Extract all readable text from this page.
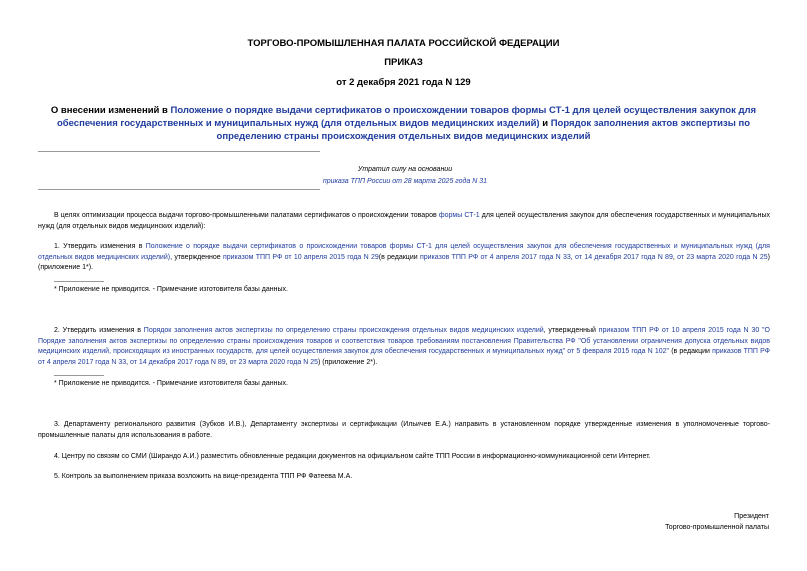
ТОРГОВО-ПРОМЫШЛЕННАЯ ПАЛАТА РОССИЙСКОЙ ФЕДЕРАЦИИ
ПРИКАЗ
от 2 декабря 2021 года N 129
О внесении изменений в Положение о порядке выдачи сертификатов о происхождении товаров формы СТ-1 для целей осуществления закупок для обеспечения государственных и муниципальных нужд (для отдельных видов медицинских изделий) и Порядок заполнения актов экспертизы по определению страны происхождения отдельных видов медицинских изделий
Утратил силу на основании
приказа ТПП России от 28 марта 2025 года N 31
В целях оптимизации процесса выдачи торгово-промышленными палатами сертификатов о происхождении товаров формы СТ-1 для целей осуществления закупок для обеспечения государственных и муниципальных нужд (для отдельных видов медицинских изделий):
1. Утвердить изменения в Положение о порядке выдачи сертификатов о происхождении товаров формы СТ-1 для целей осуществления закупок для обеспечения государственных и муниципальных нужд (для отдельных видов медицинских изделий), утвержденное приказом ТПП РФ от 10 апреля 2015 года N 29(в редакции приказов ТПП РФ от 4 апреля 2017 года N 33, от 14 декабря 2017 года N 89, от 23 марта 2020 года N 25) (приложение 1*).
* Приложение не приводится. - Примечание изготовителя базы данных.
2. Утвердить изменения в Порядок заполнения актов экспертизы по определению страны происхождения отдельных видов медицинских изделий, утвержденный приказом ТПП РФ от 10 апреля 2015 года N 30 "О Порядке заполнения актов экспертизы по определению страны происхождения товаров и соответствия товаров требованиям постановления Правительства РФ "Об установлении ограничения допуска отдельных видов медицинских изделий, происходящих из иностранных государств, для целей осуществления закупок для обеспечения государственных и муниципальных нужд" от 5 февраля 2015 года N 102" (в редакции приказов ТПП РФ от 4 апреля 2017 года N 33, от 14 декабря 2017 года N 89, от 23 марта 2020 года N 25) (приложение 2*).
* Приложение не приводится. - Примечание изготовителя базы данных.
3. Департаменту регионального развития (Зубков И.В.), Департаменту экспертизы и сертификации (Ильичев Е.А.) направить в установленном порядке утвержденные изменения в уполномоченные торгово-промышленные палаты для использования в работе.
4. Центру по связям со СМИ (Ширандо А.И.) разместить обновленные редакции документов на официальном сайте ТПП России в информационно-коммуникационной сети Интернет.
5. Контроль за выполнением приказа возложить на вице-президента ТПП РФ Фатеева М.А.
Президент
Торгово-промышленной палаты
